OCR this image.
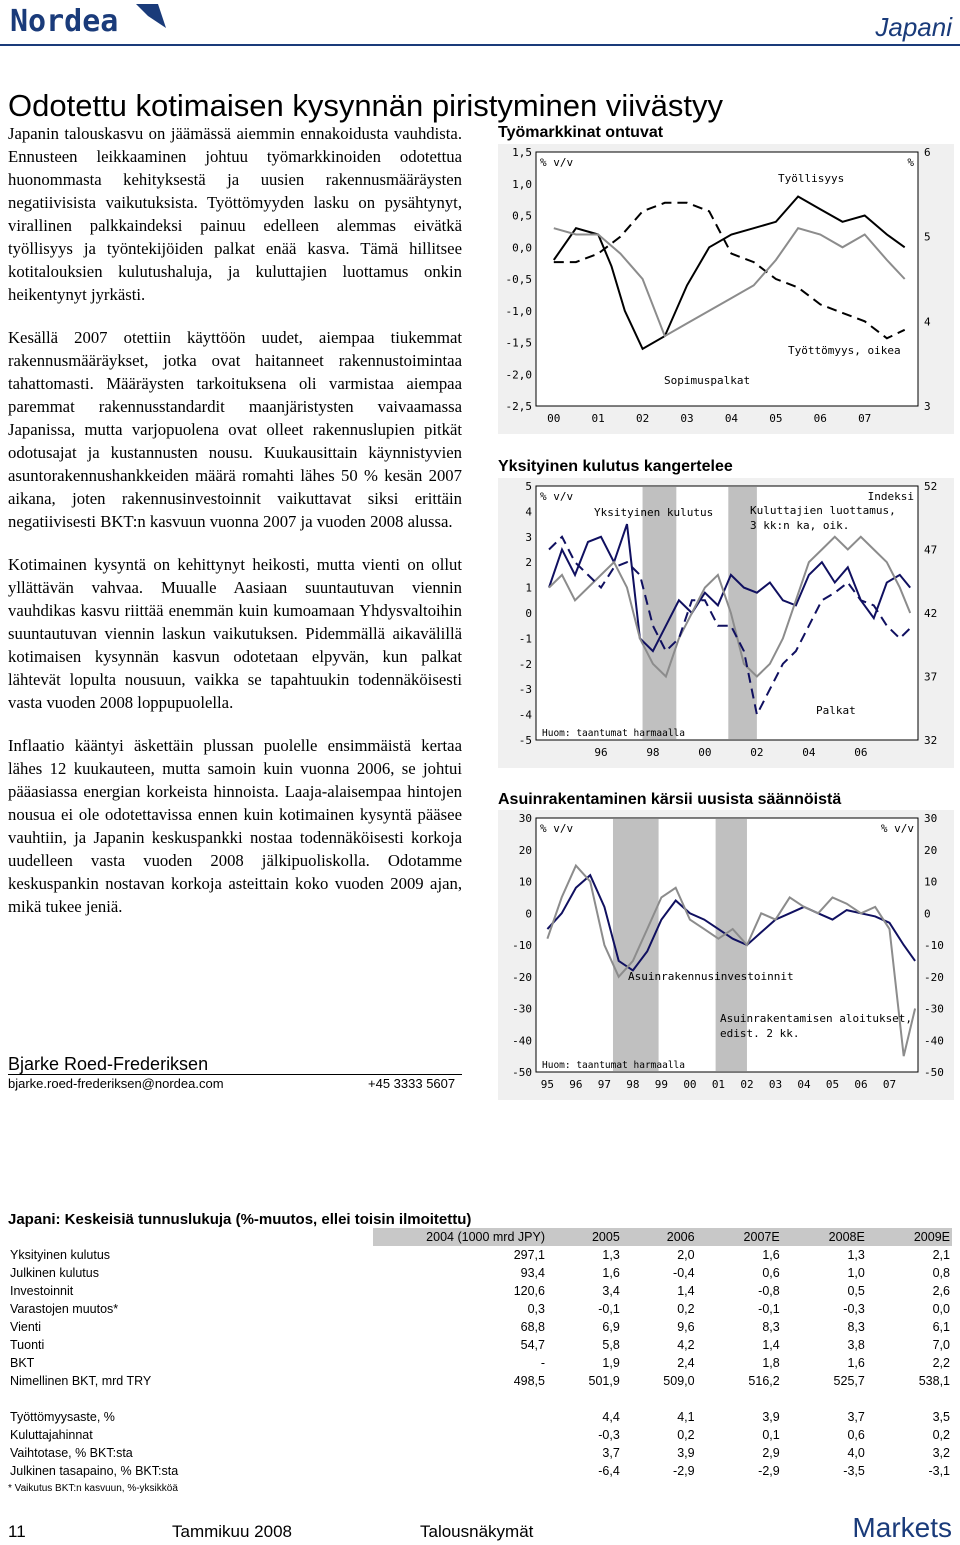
Nordea	Japani
Odotettu kotimaisen kysynnän piristyminen viivästyy

Japanin talouskasvu on jäämässä aiemmin ennakoidusta vauhdista. Ennusteen leikkaaminen johtuu työmarkkinoiden odotettua huonommasta kehityksestä ja uusien rakennusmääräysten negatiivisista vaikutuksista. Työttömyyden lasku on pysähtynyt, virallinen palkkaindeksi painuu edelleen alemmas eivätkä työllisyys ja työntekijöiden palkat enää kasva. Tämä hillitsee kotitalouksien kulutushaluja, ja kuluttajien luottamus onkin heikentynyt jyrkästi.

Kesällä 2007 otettiin käyttöön uudet, aiempaa tiukemmat rakennusmääräykset, jotka ovat haitanneet rakennustoimintaa tahattomasti. Määräysten tarkoituksena oli varmistaa aiempaa paremmat rakennusstandardit maanjäristysten vaivaamassa Japanissa, mutta varjopuolena ovat olleet rakennuslupien pitkät odotusajat ja kustannusten nousu. Kuukausittain käynnistyvien asuntorakennushankkeiden määrä romahti lähes 50 % kesän 2007 aikana, joten rakennusinvestoinnit vaikuttavat siksi erittäin negatiivisesti BKT:n kasvuun vuonna 2007 ja vuoden 2008 alussa.

Kotimainen kysyntä on kehittynyt heikosti, mutta vienti on ollut yllättävän vahvaa. Muualle Aasiaan suuntautuvan viennin vauhdikas kasvu riittää enemmän kuin kumoamaan Yhdysvaltoihin suuntautuvan viennin laskun vaikutuksen. Pidemmällä aikavälillä kotimaisen kysynnän kasvun odotetaan elpyvän, kun palkat lähtevät lopulta nousuun, vaikka se tapahtuukin todennäköisesti vasta vuoden 2008 loppupuolella.

Inflaatio kääntyi äskettäin plussan puolelle ensimmäistä kertaa lähes 12 kuukauteen, mutta samoin kuin vuonna 2006, se johtui pääasiassa energian korkeista hinnoista. Laaja-alaisempaa hintojen nousua ei ole odotettavissa ennen kuin kotimainen kysyntä pääsee vauhtiin, ja Japanin keskuspankki nostaa todennäköisesti korkoja uudelleen vasta vuoden 2008 jälkipuoliskolla. Odotamme keskuspankin nostavan korkoja asteittain koko vuoden 2009 ajan, mikä tukee jeniä.

Bjarke Roed-Frederiksen
bjarke.roed-frederiksen@nordea.com	+45 3333 5607
Työmarkkinat ontuvat
Yksityinen kulutus kangertelee
Asuinrakentaminen kärsii uusista säännöistä
1,5
1,0
0,5
0,0
-0,5
-1,0
-1,5
-2,0
-2,5
6
5
4
3
00	01	02	03	04	05	06	07
% v/v	%
Työllisyys
Työttömyys, oikea
Sopimuspalkat
5
4
3
2
1
0
-1
-2
-3
-4
-5
52
47
42
37
32
96	98	00	02	04	06
% v/v	Indeksi
Yksityinen kulutus
Palkat
Huom: taantumat harmaalla
Kuluttajien luottamus,
3 kk:n ka, oik.
30
20
10
0
-10
-20
-30
-40
-50
30
20
10
0
-10
-20
-30
-40
-50
95 96 97 98 99 00 01 02 03 04 05 06 07
% v/v	% v/v
Asuinrakennusinvestoinnit
Huom: taantumat harmaalla
Asuinrakentamisen aloitukset,
edist. 2 kk.
Japani: Keskeisiä tunnuslukuja (%-muutos, ellei toisin ilmoitettu)
	2004 (1000 mrd JPY)	2005	2006	2007E	2008E	2009E
Yksityinen kulutus	297,1	1,3	2,0	1,6	1,3	2,1
Julkinen kulutus	93,4	1,6	-0,4	0,6	1,0	0,8
Investoinnit	120,6	3,4	1,4	-0,8	0,5	2,6
Varastojen muutos*	0,3	-0,1	0,2	-0,1	-0,3	0,0
Vienti	68,8	6,9	9,6	8,3	8,3	6,1
Tuonti	54,7	5,8	4,2	1,4	3,8	7,0
BKT	-	1,9	2,4	1,8	1,6	2,2
Nimellinen BKT, mrd TRY	498,5	501,9	509,0	516,2	525,7	538,1

Työttömyysaste, %		4,4	4,1	3,9	3,7	3,5
Kuluttajahinnat		-0,3	0,2	0,1	0,6	0,2
Vaihtotase, % BKT:sta		3,7	3,9	2,9	4,0	3,2
Julkinen tasapaino, % BKT:sta		-6,4	-2,9	-2,9	-3,5	-3,1
* Vaikutus BKT:n kasvuun, %-yksikköä
11	Tammikuu 2008	Talousnäkymät	Markets
